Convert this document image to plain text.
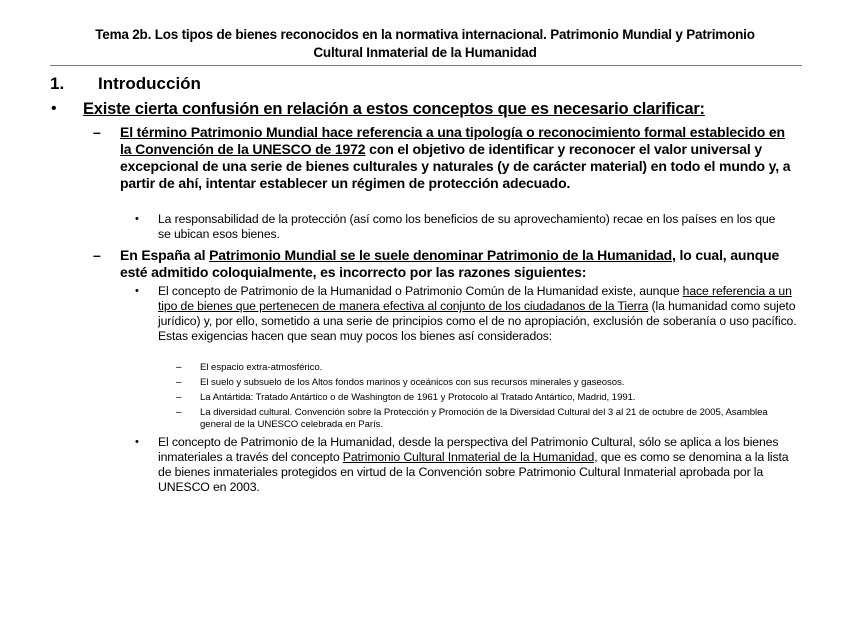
Tema 2b. Los tipos de bienes reconocidos en la normativa internacional. Patrimonio Mundial y Patrimonio
Cultural Inmaterial de la Humanidad
1. Introducción
• Existe cierta confusión en relación a estos conceptos que es necesario clarificar:
– El término Patrimonio Mundial hace referencia a una tipología o reconocimiento formal establecido en la Convención de la UNESCO de 1972 con el objetivo de identificar y reconocer el valor universal y excepcional de una serie de bienes culturales y naturales (y de carácter material) en todo el mundo y, a partir de ahí, intentar establecer un régimen de protección adecuado.
• La responsabilidad de la protección (así como los beneficios de su aprovechamiento) recae en los países en los que se ubican esos bienes.
– En España al Patrimonio Mundial se le suele denominar Patrimonio de la Humanidad, lo cual, aunque esté admitido coloquialmente, es incorrecto por las razones siguientes:
• El concepto de Patrimonio de la Humanidad o Patrimonio Común de la Humanidad existe, aunque hace referencia a un tipo de bienes que pertenecen de manera efectiva al conjunto de los ciudadanos de la Tierra (la humanidad como sujeto jurídico) y, por ello, sometido a una serie de principios como el de no apropiación, exclusión de soberanía o uso pacífico. Estas exigencias hacen que sean muy pocos los bienes así considerados:
– El espacio extra-atmosférico.
– El suelo y subsuelo de los Altos fondos marinos y oceánicos con sus recursos minerales y gaseosos.
– La Antártida: Tratado Antártico o de Washington de 1961 y Protocolo al Tratado Antártico, Madrid, 1991.
– La diversidad cultural. Convención sobre la Protección y Promoción de la Diversidad Cultural del 3 al 21 de octubre de 2005, Asamblea general de la UNESCO celebrada en París.
• El concepto de Patrimonio de la Humanidad, desde la perspectiva del Patrimonio Cultural, sólo se aplica a los bienes inmateriales a través del concepto Patrimonio Cultural Inmaterial de la Humanidad, que es como se denomina a la lista de bienes inmateriales protegidos en virtud de la Convención sobre Patrimonio Cultural Inmaterial aprobada por la UNESCO en 2003.
